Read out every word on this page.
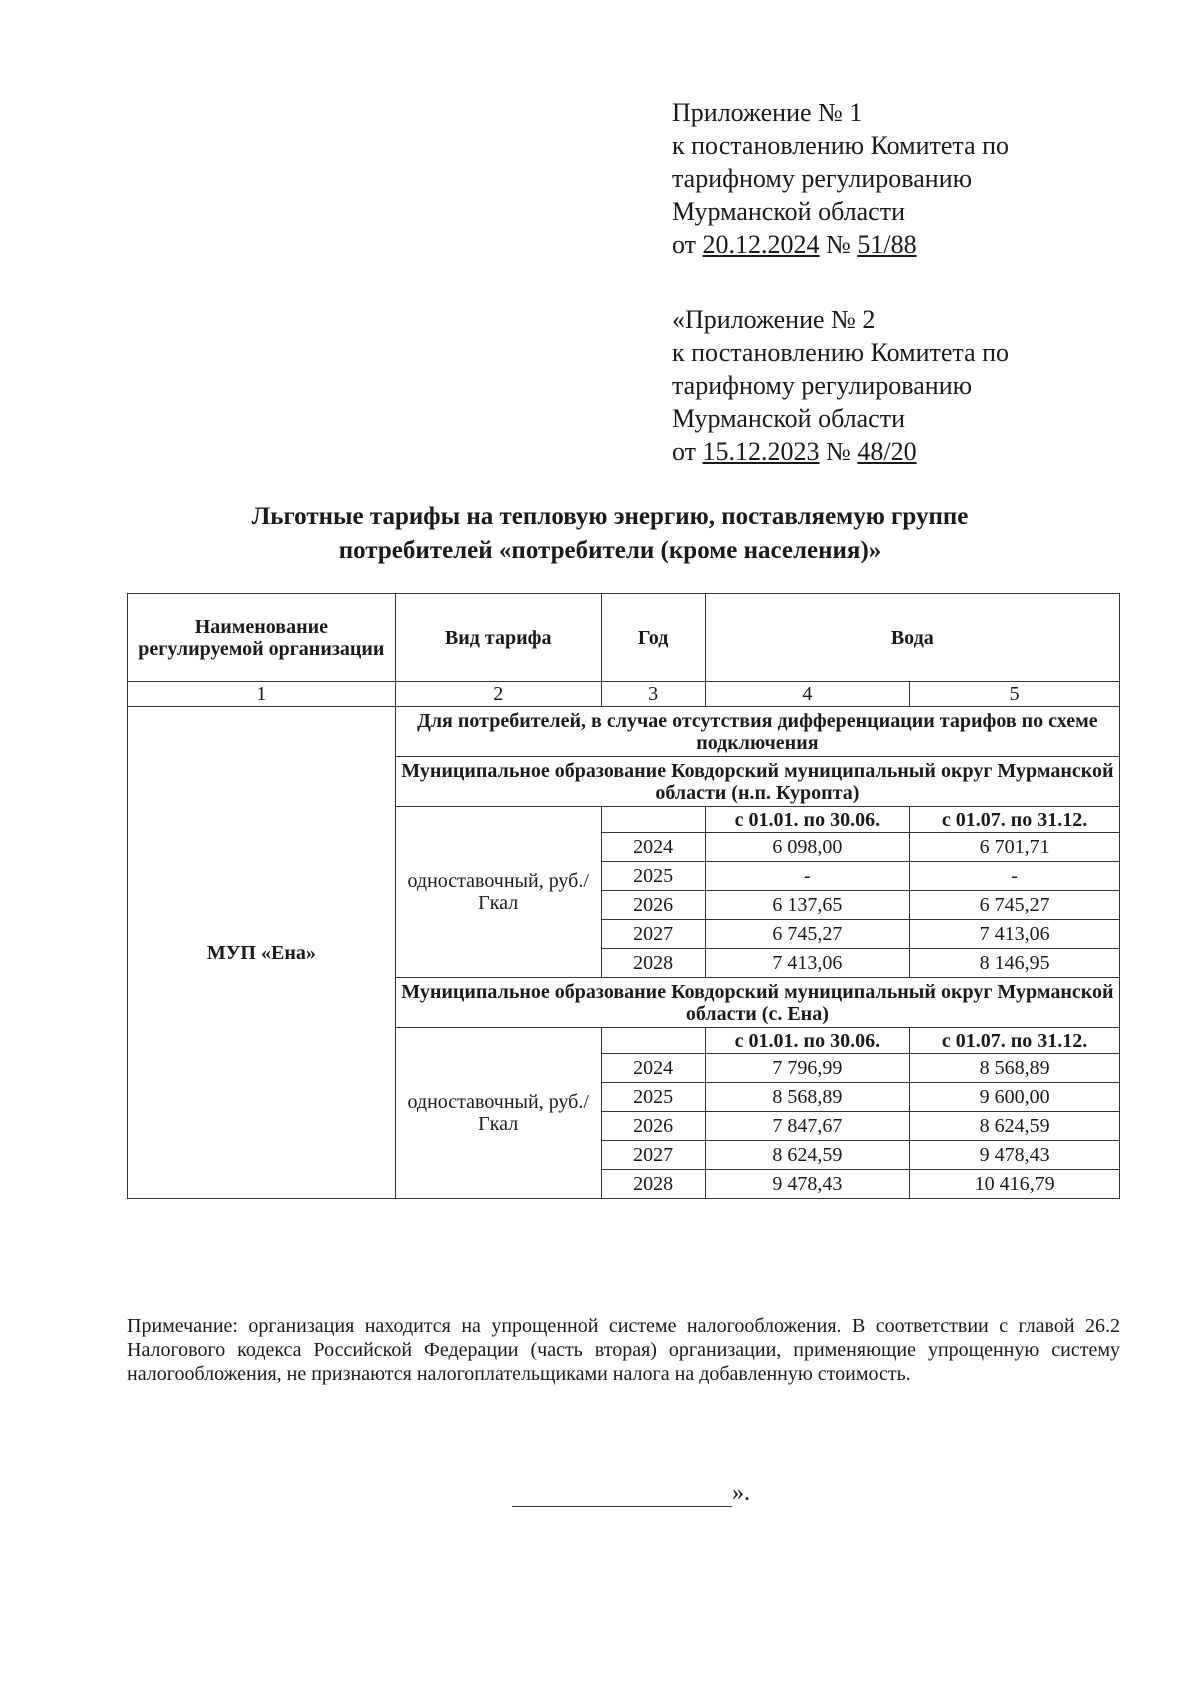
Приложение № 1
к постановлению Комитета по
тарифному регулированию
Мурманской области
от 20.12.2024 № 51/88
«Приложение № 2
к постановлению Комитета по
тарифному регулированию
Мурманской области
от 15.12.2023 № 48/20
Льготные тарифы на тепловую энергию, поставляемую группе
потребителей «потребители (кроме населения)»
Наименование регулируемой организации	Вид тарифа	Год	Вода	
1	2	3	4	5
МУП «Ена»	Для потребителей, в случае отсутствия дифференциации тарифов по схеме подключения			
	Муниципальное образование Ковдорский муниципальный округ Мурманской области (н.п. Куропта)			
	одноставочный, руб./Гкал		с 01.01. по 30.06.	с 01.07. по 31.12.
		2024	6 098,00	6 701,71
		2025	-	-
		2026	6 137,65	6 745,27
		2027	6 745,27	7 413,06
		2028	7 413,06	8 146,95
	Муниципальное образование Ковдорский муниципальный округ Мурманской области (с. Ена)			
	одноставочный, руб./Гкал		с 01.01. по 30.06.	с 01.07. по 31.12.
		2024	7 796,99	8 568,89
		2025	8 568,89	9 600,00
		2026	7 847,67	8 624,59
		2027	8 624,59	9 478,43
		2028	9 478,43	10 416,79
Примечание: организация находится на упрощенной системе налогообложения. В соответствии с главой 26.2 Налогового кодекса Российской Федерации (часть вторая) организации, применяющие упрощенную систему налогообложения, не признаются налогоплательщиками налога на добавленную стоимость.
».
